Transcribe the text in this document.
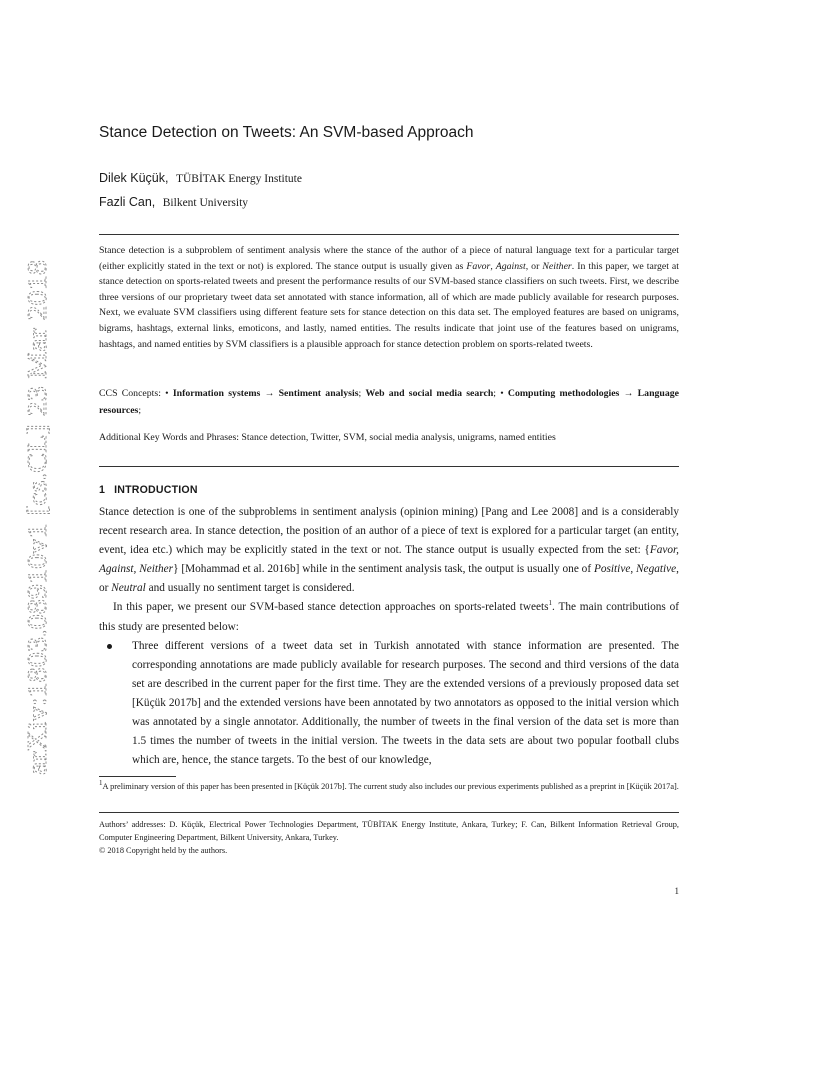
arXiv:1803.08910v1 [cs.CL] 23 Mar 2018
Stance Detection on Tweets: An SVM-based Approach
Dilek Küçük, TÜBİTAK Energy Institute
Fazli Can, Bilkent University
Stance detection is a subproblem of sentiment analysis where the stance of the author of a piece of natural language text for a particular target (either explicitly stated in the text or not) is explored. The stance output is usually given as Favor, Against, or Neither. In this paper, we target at stance detection on sports-related tweets and present the performance results of our SVM-based stance classifiers on such tweets. First, we describe three versions of our proprietary tweet data set annotated with stance information, all of which are made publicly available for research purposes. Next, we evaluate SVM classifiers using different feature sets for stance detection on this data set. The employed features are based on unigrams, bigrams, hashtags, external links, emoticons, and lastly, named entities. The results indicate that joint use of the features based on unigrams, hashtags, and named entities by SVM classifiers is a plausible approach for stance detection problem on sports-related tweets.
CCS Concepts: • Information systems → Sentiment analysis; Web and social media search; • Computing methodologies → Language resources;
Additional Key Words and Phrases: Stance detection, Twitter, SVM, social media analysis, unigrams, named entities
1 INTRODUCTION

Stance detection is one of the subproblems in sentiment analysis (opinion mining) [Pang and Lee 2008] and is a considerably recent research area. In stance detection, the position of an author of a piece of text is explored for a particular target (an entity, event, idea etc.) which may be explicitly stated in the text or not. The stance output is usually expected from the set: {Favor, Against, Neither} [Mohammad et al. 2016b] while in the sentiment analysis task, the output is usually one of Positive, Negative, or Neutral and usually no sentiment target is considered.

In this paper, we present our SVM-based stance detection approaches on sports-related tweets$^1$. The main contributions of this study are presented below:

Three different versions of a tweet data set in Turkish annotated with stance information are presented. The corresponding annotations are made publicly available for research purposes. The second and third versions of the data set are described in the current paper for the first time. They are the extended versions of a previously proposed data set [Küçük 2017b] and the extended versions have been annotated by two annotators as opposed to the initial version which was annotated by a single annotator. Additionally, the number of tweets in the final version of the data set is more than 1.5 times the number of tweets in the initial version. The tweets in the data sets are about two popular football clubs which are, hence, the stance targets. To the best of our knowledge,
$^1$A preliminary version of this paper has been presented in [Küçük 2017b]. The current study also includes our previous experiments published as a preprint in [Küçük 2017a].
Authors’ addresses: D. Küçük, Electrical Power Technologies Department, TÜBİTAK Energy Institute, Ankara, Turkey; F. Can, Bilkent Information Retrieval Group, Computer Engineering Department, Bilkent University, Ankara, Turkey.
© 2018 Copyright held by the authors.
1
